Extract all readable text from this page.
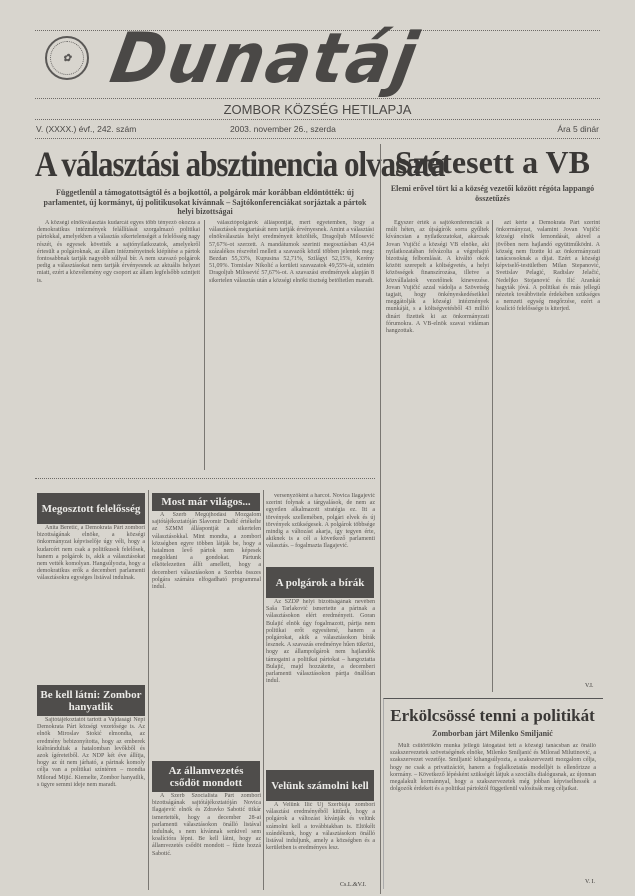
✿ Dunatáj
ZOMBOR KÖZSÉG HETILAPJA
V. (XXXX.) évf., 242. szám	2003. november 26., szerda	Ára 5 dinár
A választási absztinencia olvasata
Függetlenül a támogatottságtól és a bojkottól, a polgárok már korábban eldöntötték: új parlamentet, új kormányt, új politikusokat kívánnak – Sajtókonferenciákat sorjáztak a pártok helyi bizottságai

A községi elnökválasztás kudarcát egyes több tényező okozza a demokratikus intézmények felállítását szorgalmazó politikai pártokkal, amelyekben a választás sikertelenségét a felelősség nagy részét, és egyesek követték a sajtónyilatkozatok, amelyekről értesült a polgároknak, az állam intézményeinek kiépítése a pártok fontosabbnak tartják nagyobb súllyal bír. A nem szavazó polgárok pedig a választásokat nem tartják érvényesnek az aktuális helyzet miatt, ezért a közvélemény egy csoport az állam legfelsőbb szintjeit is.

választópolgárok álláspontját, mert egyetemben, hogy a választások megtartását nem tartják érvényesnek. Amint a választási elnökválasztás helyi eredményeit közölték, Dragoljub Milosević 57,67%-ot szerzett. A mandátumok szerinti megosztásban 43,64 százalékos részvétel mellett a szavazók közül többen jelentek meg: Bezdan 55,33%, Kupusina 52,71%, Szilágyi 52,15%, Kerény 51,09%. Tomislav Nikolić a kerületi szavazatok 49,55%-át, szintén Dragoljub Milosević 57,67%-ot. A szavazási eredmények alapján 8 sikertelen választás után a községi elnöki tisztség betöltetlen maradt.

Szétesett a VB
Elemi erővel tört ki a község vezetői között régóta lappangó összetűzés

Egyszer érték a sajtókonferenciák a múlt héten, az újságírók sorra gyűltek kíváncsian a nyilatkozatokat, akárcsak Jovan Vujičić a községi VB elnöke, aki nyilatkozatában felvázolta a végrehajtó bizottság felbomlását. A kiváltó okok között szerepelt a költségvetés, a helyi közösségek finanszírozása, illetve a közvállalatok vezetőinek kinevezése. Jovan Vujičić azzal vádolja a Szövetség tagjait, hogy önkényeskedéseikkel meggátolják a községi intézmények munkáját, s a költségvetésből 43 millió dinárt fizettek ki az önkormányzati fórumokra. A VB-elnök szavai vidáman hangzottak.

azt kérte a Demokrata Párt szerint önkormányzat, valamint Jovan Vujičić községi elnök lemondását, akivel a jövőben nem hajlandó együttműködni. A község nem fizette ki az önkormányzati tanácsosoknak a díjat. Ezért a községi képviselő-testületben Milan Stepanović, Svetislav Pelagić, Radislav Jelačić, Nedeljko Stojanović és Ilić Arankát hagyták jóvá. A politikai és más jellegű nézetek továbbvitele érdekében szükséges a nemzeti egység megőrzése, ezért a koalíció felelőssége is kiterjed.

V.I.
Megosztott felelősség

Anita Beretić, a Demokrata Párt zombori bizottságának elnöke, a községi önkormányzat képviselője úgy véli, hogy a kudarcért nem csak a politikusok felelősek, hanem a polgárok is, akik a választásokat nem vették komolyan. Hangsúlyozta, hogy a demokratikus erők a decemberi parlamenti választásokra egységes listával indulnak.

Be kell látni: Zombor hanyatlik

Sajtótájékoztatót tartott a Vajdasági Népi Demokrata Párt községi vezetősége is. Az elnök Miroslav Stokić elmondta, az eredmény bebizonyította, hogy az emberek kiábrándultak a hatalomban levőkből és azok ígéreteiből. Az NDP két éve állítja, hogy az út nem járható, a pártnak komoly célja van a politikai színtéren – mondta Milorad Mijić. Kiemelte, Zombor hanyatlik, s ügyre semmi ideje nem maradt.

Most már világos...

A Szerb Megújhodási Mozgalom sajtótájékoztatóján Slavomir Dudić értékelte az SZMM álláspontját a sikertelen választásokkal. Mint mondta, a zombori községben egyre többen látják be, hogy a hatalmon levő pártok nem képesek megoldani a gondokat. Pártunk elkötelezetten állít amellett, hogy a decemberi választásokon a Szerbia összes polgára számára elfogadható programmal indul.

Az államvezetés csődöt mondott

A Szerb Szocialista Párt zombori bizottságának sajtótájékoztatóján Novica Ilagajević elnök és Zdravko Sabotić titkár ismertették, hogy a december 28-ai parlamenti választásokon önálló listával indulnak, s nem kívánnak senkivel sem koalícióra lépni. Be kell látni, hogy az államvezetés csődöt mondott – fűzte hozzá Sabotić.

versenyzőként a harcot. Novica Ilagajević szerint folynak a tárgyalások, de nem az egyetlen alkalmazott stratégia ez. Itt a törvények szellemében, polgári elvek és új törvények szükségesek. A polgárok többsége mindig a változást akarja, így tegyen érte, akiknek is a cél a következő parlamenti választás. – fogalmazta Ilagajević.

A polgárok a bírák

Az SZDP helyi bizottságának nevében Saša Tarlaković ismertette a pártnak a választásokon elért eredményeit. Goran Bulajić elnök úgy fogalmazott, pártja nem politikai erőt egyesítené, hanem a polgárokat, akik a választásokon bírák lesznek. A szavazás eredménye hűen tükrözi, hogy az állampolgárok nem hajlandók támogatni a politikai pártokat – hangoztatta Bulajić, majd hozzátette, a decemberi parlamenti választásokon pártja önállóan indul.

Velünk számolni kell

A Velünk Ilić Új Szerbiája zombori választási eredményéből kitűnik, hogy a polgárok a változást kívánják és velünk számolni kell a továbbiakban is. Eltökélt szándékunk, hogy a választásokon önálló listával induljunk, amely a községben és a kerületben is eredményes lesz.

Cs.L.&V.I.
Erkölcsössé tenni a politikát
Zomborban járt Milenko Smiljanić

Múlt csütörtökön munka jellegű látogatást tett a községi tanácsban az önálló szakszervezetek szövetségének elnöke, Milenko Smiljanić és Milorad Milutinović, a szakszervezet vezetője. Smiljanić kihangsúlyozta, a szakszervezeti mozgalom célja, hogy ne csak a privatizációt, hanem a foglalkoztatás modelljét is ellenőrizze a kormány. – Következő lépésként szükségét látjuk a szociális dialógusnak, az újonnan megalakult kormánnyal, hogy a szakszervezetek még jobban képviselhessék a dolgozók érdekeit és a politikai pártoktól függetlenül valósítsák meg céljaikat.

V. I.
